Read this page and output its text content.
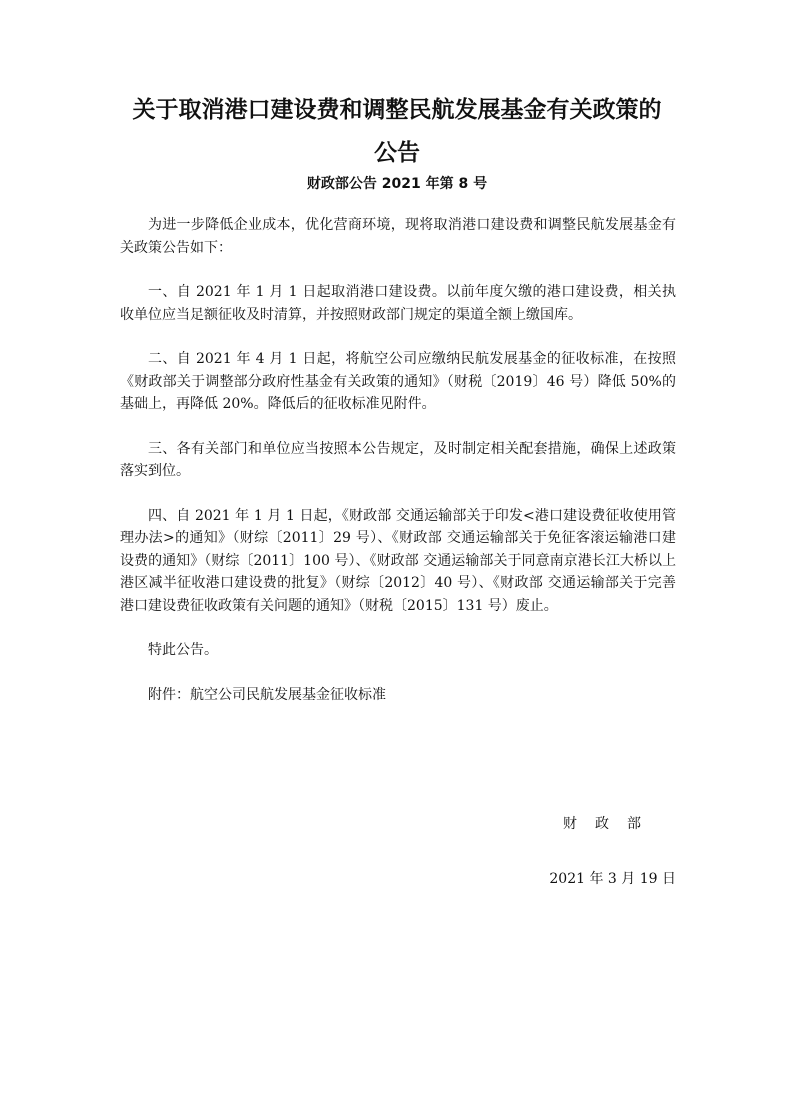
关于取消港口建设费和调整民航发展基金有关政策的
公告

财政部公告 2021 年第 8 号

为进一步降低企业成本，优化营商环境，现将取消港口建设费和调整民航发展基金有关政策公告如下：

一、自 2021 年 1 月 1 日起取消港口建设费。以前年度欠缴的港口建设费，相关执收单位应当足额征收及时清算，并按照财政部门规定的渠道全额上缴国库。

二、自 2021 年 4 月 1 日起，将航空公司应缴纳民航发展基金的征收标准，在按照《财政部关于调整部分政府性基金有关政策的通知》（财税〔2019〕46 号）降低 50%的基础上，再降低 20%。降低后的征收标准见附件。

三、各有关部门和单位应当按照本公告规定，及时制定相关配套措施，确保上述政策落实到位。

四、自 2021 年 1 月 1 日起，《财政部 交通运输部关于印发<港口建设费征收使用管理办法>的通知》（财综〔2011〕29 号）、《财政部 交通运输部关于免征客滚运输港口建设费的通知》（财综〔2011〕100 号）、《财政部 交通运输部关于同意南京港长江大桥以上港区减半征收港口建设费的批复》（财综〔2012〕40 号）、《财政部 交通运输部关于完善港口建设费征收政策有关问题的通知》（财税〔2015〕131 号）废止。

特此公告。

附件：航空公司民航发展基金征收标准

财政部

2021 年 3 月 19 日
